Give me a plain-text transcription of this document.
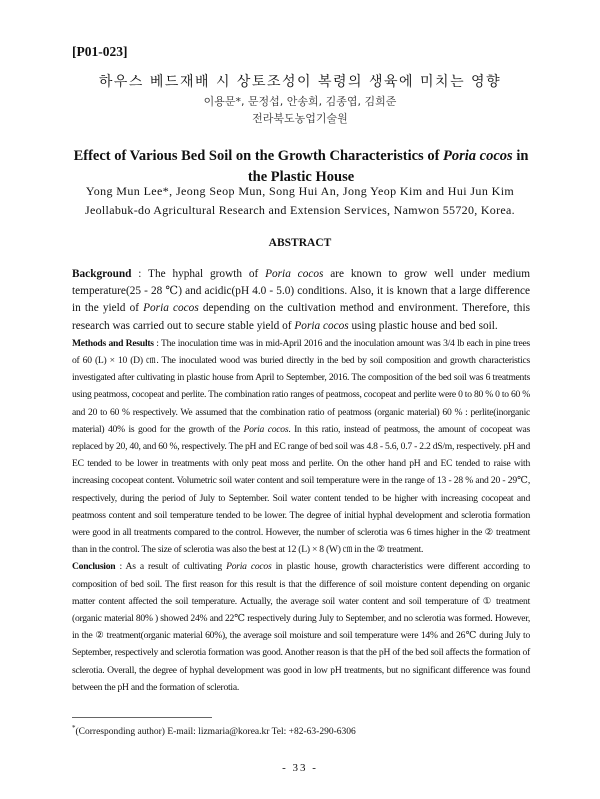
[P01-023]
하우스 베드재배 시 상토조성이 복령의 생육에 미치는 영향
이용문*, 문정섭, 안송희, 김종엽, 김희준
전라북도농업기술원
Effect of Various Bed Soil on the Growth Characteristics of Poria cocos in the Plastic House
Yong Mun Lee*, Jeong Seop Mun, Song Hui An, Jong Yeop Kim and Hui Jun Kim
Jeollabuk-do Agricultural Research and Extension Services, Namwon 55720, Korea.
ABSTRACT

Background : The hyphal growth of Poria cocos are known to grow well under medium temperature(25 - 28 ℃) and acidic(pH 4.0 - 5.0) conditions. Also, it is known that a large difference in the yield of Poria cocos depending on the cultivation method and environment. Therefore, this research was carried out to secure stable yield of Poria cocos using plastic house and bed soil.

Methods and Results : The inoculation time was in mid-April 2016 and the inoculation amount was 3/4 lb each in pine trees of 60 (L) × 10 (D) ㎝. The inoculated wood was buried directly in the bed by soil composition and growth characteristics investigated after cultivating in plastic house from April to September, 2016. The composition of the bed soil was 6 treatments using peatmoss, cocopeat and perlite. The combination ratio ranges of peatmoss, cocopeat and perlite were 0 to 80 % 0 to 60 % and 20 to 60 % respectively. We assumed that the combination ratio of peatmoss (organic material) 60 % : perlite(inorganic material) 40% is good for the growth of the Poria cocos. In this ratio, instead of peatmoss, the amount of cocopeat was replaced by 20, 40, and 60 %, respectively. The pH and EC range of bed soil was 4.8 - 5.6, 0.7 - 2.2 dS/m, respectively. pH and EC tended to be lower in treatments with only peat moss and perlite. On the other hand pH and EC tended to raise with increasing cocopeat content. Volumetric soil water content and soil temperature were in the range of 13 - 28 % and 20 - 29℃, respectively, during the period of July to September. Soil water content tended to be higher with increasing cocopeat and peatmoss content and soil temperature tended to be lower. The degree of initial hyphal development and sclerotia formation were good in all treatments compared to the control. However, the number of sclerotia was 6 times higher in the ② treatment than in the control. The size of sclerotia was also the best at 12 (L) × 8 (W) ㎝ in the ② treatment.

Conclusion : As a result of cultivating Poria cocos in plastic house, growth characteristics were different according to composition of bed soil. The first reason for this result is that the difference of soil moisture content depending on organic matter content affected the soil temperature. Actually, the average soil water content and soil temperature of ① treatment (organic material 80% ) showed 24% and 22℃ respectively during July to September, and no sclerotia was formed. However, in the ② treatment(organic material 60%), the average soil moisture and soil temperature were 14% and 26℃ during July to September, respectively and sclerotia formation was good. Another reason is that the pH of the bed soil affects the formation of sclerotia. Overall, the degree of hyphal development was good in low pH treatments, but no significant difference was found between the pH and the formation of sclerotia.

*(Corresponding author) E-mail: lizmaria@korea.kr Tel: +82-63-290-6306
- 33 -
